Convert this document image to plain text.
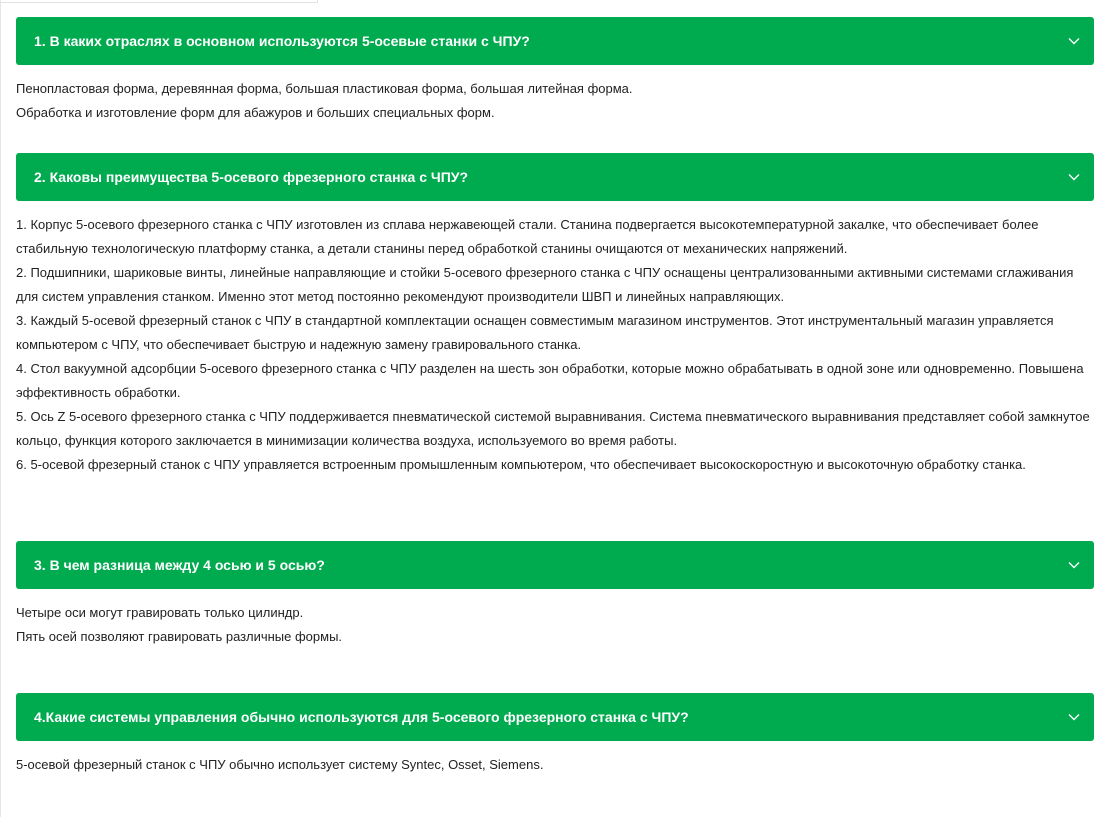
1. В каких отраслях в основном используются 5-осевые станки с ЧПУ?

Пенопластовая форма, деревянная форма, большая пластиковая форма, большая литейная форма.

Обработка и изготовление форм для абажуров и больших специальных форм.

2. Каковы преимущества 5-осевого фрезерного станка с ЧПУ?

1. Корпус 5-осевого фрезерного станка с ЧПУ изготовлен из сплава нержавеющей стали. Станина подвергается высокотемпературной закалке, что обеспечивает более стабильную технологическую платформу станка, а детали станины перед обработкой станины очищаются от механических напряжений.

2. Подшипники, шариковые винты, линейные направляющие и стойки 5-осевого фрезерного станка с ЧПУ оснащены централизованными активными системами сглаживания для систем управления станком. Именно этот метод постоянно рекомендуют производители ШВП и линейных направляющих.

3. Каждый 5-осевой фрезерный станок с ЧПУ в стандартной комплектации оснащен совместимым магазином инструментов. Этот инструментальный магазин управляется компьютером с ЧПУ, что обеспечивает быструю и надежную замену гравировального станка.

4. Стол вакуумной адсорбции 5-осевого фрезерного станка с ЧПУ разделен на шесть зон обработки, которые можно обрабатывать в одной зоне или одновременно. Повышена эффективность обработки.

5. Ось Z 5-осевого фрезерного станка с ЧПУ поддерживается пневматической системой выравнивания. Система пневматического выравнивания представляет собой замкнутое кольцо, функция которого заключается в минимизации количества воздуха, используемого во время работы.

6. 5-осевой фрезерный станок с ЧПУ управляется встроенным промышленным компьютером, что обеспечивает высокоскоростную и высокоточную обработку станка.

3. В чем разница между 4 осью и 5 осью?

Четыре оси могут гравировать только цилиндр.

Пять осей позволяют гравировать различные формы.

4.Какие системы управления обычно используются для 5-осевого фрезерного станка с ЧПУ?

5-осевой фрезерный станок с ЧПУ обычно использует систему Syntec, Osset, Siemens.
